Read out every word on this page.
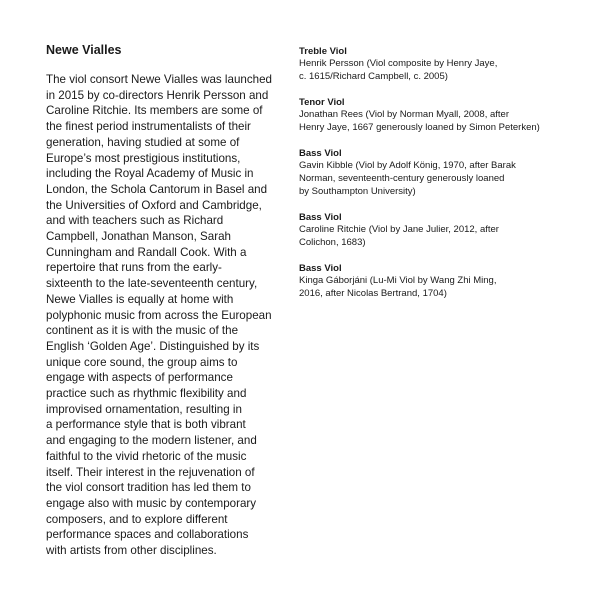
Newe Vialles

The viol consort Newe Vialles was launched
in 2015 by co-directors Henrik Persson and
Caroline Ritchie. Its members are some of
the finest period instrumentalists of their
generation, having studied at some of
Europe’s most prestigious institutions,
including the Royal Academy of Music in
London, the Schola Cantorum in Basel and
the Universities of Oxford and Cambridge,
and with teachers such as Richard
Campbell, Jonathan Manson, Sarah
Cunningham and Randall Cook. With a
repertoire that runs from the early-
sixteenth to the late-seventeenth century,
Newe Vialles is equally at home with
polyphonic music from across the European
continent as it is with the music of the
English ‘Golden Age’. Distinguished by its
unique core sound, the group aims to
engage with aspects of performance
practice such as rhythmic flexibility and
improvised ornamentation, resulting in
a performance style that is both vibrant
and engaging to the modern listener, and
faithful to the vivid rhetoric of the music
itself. Their interest in the rejuvenation of
the viol consort tradition has led them to
engage also with music by contemporary
composers, and to explore different
performance spaces and collaborations
with artists from other disciplines.

Treble Viol

Henrik Persson (Viol composite by Henry Jaye,
c. 1615/Richard Campbell, c. 2005)

Tenor Viol

Jonathan Rees (Viol by Norman Myall, 2008, after
Henry Jaye, 1667 generously loaned by Simon Peterken)

Bass Viol

Gavin Kibble (Viol by Adolf König, 1970, after Barak
Norman, seventeenth-century generously loaned
by Southampton University)

Bass Viol

Caroline Ritchie (Viol by Jane Julier, 2012, after
Colichon, 1683)

Bass Viol

Kinga Gáborjáni (Lu-Mi Viol by Wang Zhi Ming,
2016, after Nicolas Bertrand, 1704)
